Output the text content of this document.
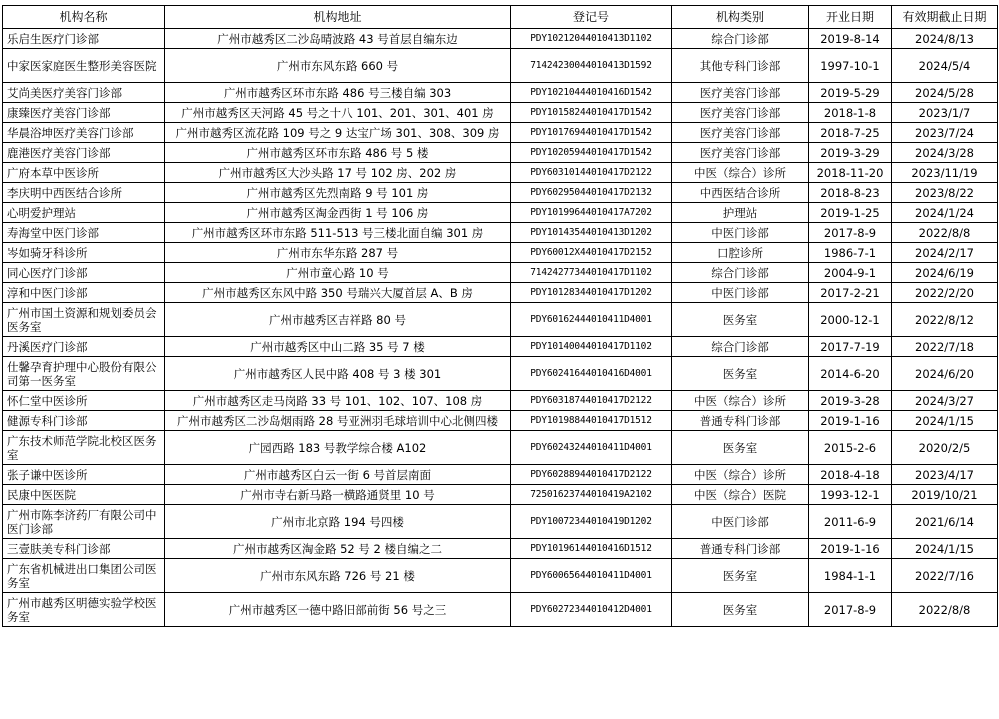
机构名称	机构地址	登记号	机构类别	开业日期	有效期截止日期
乐启生医疗门诊部	广州市越秀区二沙岛晴波路 43 号首层自编东边	PDY10212044010413D1102	综合门诊部	2019-8-14	2024/8/13
中家医家庭医生整形美容医院	广州市东风东路 660 号	71424230044010413D1592	其他专科门诊部	1997-10-1	2024/5/4
艾尚美医疗美容门诊部	广州市越秀区环市东路 486 号三楼自编 303	PDY10210444010416D1542	医疗美容门诊部	2019-5-29	2024/5/28
康臻医疗美容门诊部	广州市越秀区天河路 45 号之十八 101、201、301、401 房	PDY10158244010417D1542	医疗美容门诊部	2018-1-8	2023/1/7
华晨浴坤医疗美容门诊部	广州市越秀区流花路 109 号之 9 达宝广场 301、308、309 房	PDY10176944010417D1542	医疗美容门诊部	2018-7-25	2023/7/24
鹿港医疗美容门诊部	广州市越秀区环市东路 486 号 5 楼	PDY10205944010417D1542	医疗美容门诊部	2019-3-29	2024/3/28
广府本草中医诊所	广州市越秀区大沙头路 17 号 102 房、202 房	PDY60310144010417D2122	中医（综合）诊所	2018-11-20	2023/11/19
李庆明中西医结合诊所	广州市越秀区先烈南路 9 号 101 房	PDY60295044010417D2132	中西医结合诊所	2018-8-23	2023/8/22
心明爱护理站	广州市越秀区淘金西街 1 号 106 房	PDY10199644010417A7202	护理站	2019-1-25	2024/1/24
寿海堂中医门诊部	广州市越秀区环市东路 511-513 号三楼北面自编 301 房	PDY10143544010413D1202	中医门诊部	2017-8-9	2022/8/8
岑如骑牙科诊所	广州市东华东路 287 号	PDY60012X44010417D2152	口腔诊所	1986-7-1	2024/2/17
同心医疗门诊部	广州市童心路 10 号	71424277344010417D1102	综合门诊部	2004-9-1	2024/6/19
淳和中医门诊部	广州市越秀区东风中路 350 号瑞兴大厦首层 A、B 房	PDY10128344010417D1202	中医门诊部	2017-2-21	2022/2/20
广州市国土资源和规划委员会医务室	广州市越秀区吉祥路 80 号	PDY60162444010411D4001	医务室	2000-12-1	2022/8/12
丹溪医疗门诊部	广州市越秀区中山二路 35 号 7 楼	PDY10140044010417D1102	综合门诊部	2017-7-19	2022/7/18
仕馨孕育护理中心股份有限公司第一医务室	广州市越秀区人民中路 408 号 3 楼 301	PDY60241644010416D4001	医务室	2014-6-20	2024/6/20
怀仁堂中医诊所	广州市越秀区走马岗路 33 号 101、102、107、108 房	PDY60318744010417D2122	中医（综合）诊所	2019-3-28	2024/3/27
健源专科门诊部	广州市越秀区二沙岛烟雨路 28 号亚洲羽毛球培训中心北侧四楼	PDY10198844010417D1512	普通专科门诊部	2019-1-16	2024/1/15
广东技术师范学院北校区医务室	广园西路 183 号教学综合楼 A102	PDY60243244010411D4001	医务室	2015-2-6	2020/2/5
张子谦中医诊所	广州市越秀区白云一街 6 号首层南面	PDY60288944010417D2122	中医（综合）诊所	2018-4-18	2023/4/17
民康中医医院	广州市寺右新马路一横路通贤里 10 号	72501623744010419A2102	中医（综合）医院	1993-12-1	2019/10/21
广州市陈李济药厂有限公司中医门诊部	广州市北京路 194 号四楼	PDY10072344010419D1202	中医门诊部	2011-6-9	2021/6/14
三壹肤美专科门诊部	广州市越秀区淘金路 52 号 2 楼自编之二	PDY10196144010416D1512	普通专科门诊部	2019-1-16	2024/1/15
广东省机械进出口集团公司医务室	广州市东风东路 726 号 21 楼	PDY60065644010411D4001	医务室	1984-1-1	2022/7/16
广州市越秀区明德实验学校医务室	广州市越秀区一德中路旧部前街 56 号之三	PDY60272344010412D4001	医务室	2017-8-9	2022/8/8
